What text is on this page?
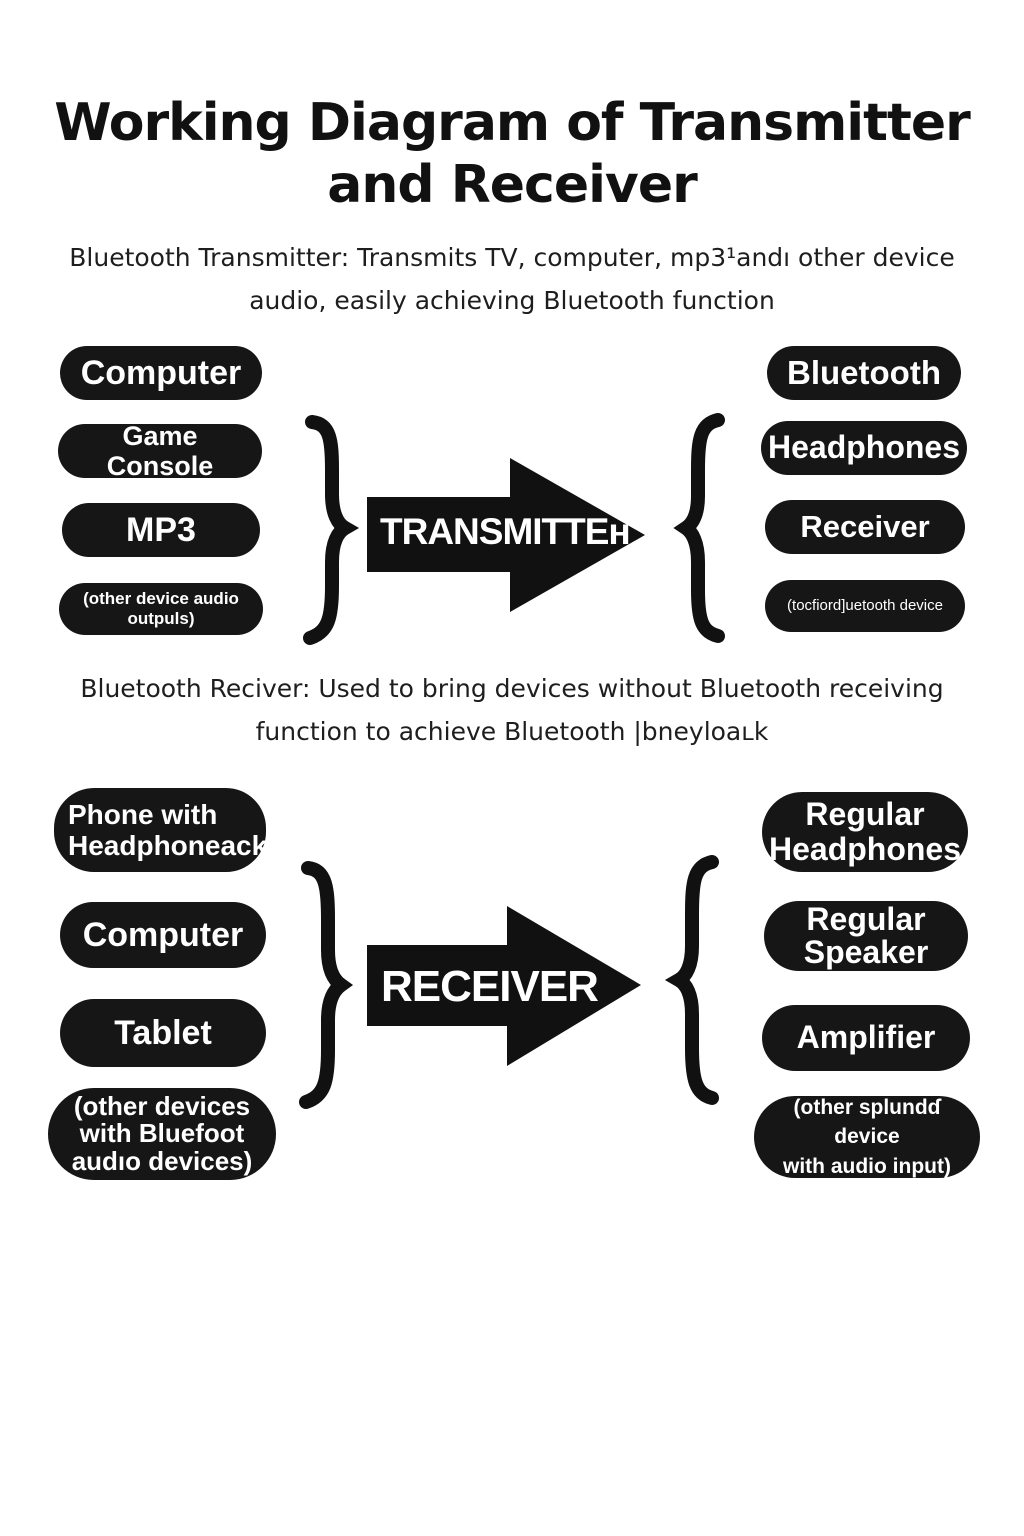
Working Diagram of Transmitter and Receiver

Bluetooth Transmitter: Transmits TV, computer, mp3¹andı other device audio, easily achieving Bluetooth function

Computer
Game Console
MP3
(other device audio
outpuls)
Bluetooth
Headphones
Receiver
(tocfiord]uetooth device

Bluetooth Reciver: Used to bring devices without Bluetooth receiving function to achieve Bluetooth |bneyloaʟk

Phone with
Headphoneack
Computer
Tablet
(other devices
with Bluefoot
audıo devices)
Regular
Headphones
Regular
Speaker
Amplifier
(other splundɗ device
with audio input)
TRANSMITTEʜ
RECEIVER
